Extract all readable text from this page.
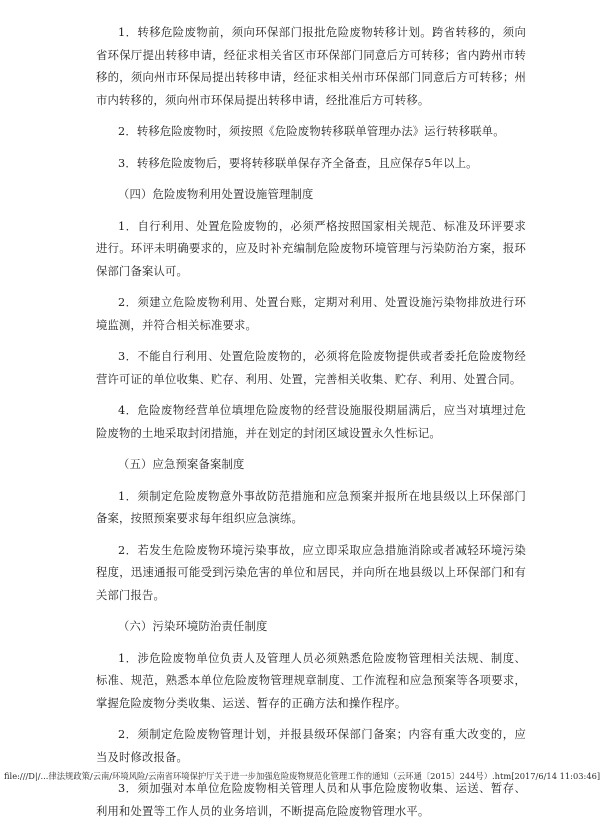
1．转移危险废物前，须向环保部门报批危险废物转移计划。跨省转移的，须向省环保厅提出转移申请，经征求相关省区市环保部门同意后方可转移；省内跨州市转移的，须向州市环保局提出转移申请，经征求相关州市环保部门同意后方可转移；州市内转移的，须向州市环保局提出转移申请，经批准后方可转移。

2．转移危险废物时，须按照《危险废物转移联单管理办法》运行转移联单。

3．转移危险废物后，要将转移联单保存齐全备查，且应保存5年以上。

（四）危险废物利用处置设施管理制度

1．自行利用、处置危险废物的，必须严格按照国家相关规范、标准及环评要求进行。环评未明确要求的，应及时补充编制危险废物环境管理与污染防治方案，报环保部门备案认可。

2．须建立危险废物利用、处置台账，定期对利用、处置设施污染物排放进行环境监测，并符合相关标准要求。

3．不能自行利用、处置危险废物的，必须将危险废物提供或者委托危险废物经营许可证的单位收集、贮存、利用、处置，完善相关收集、贮存、利用、处置合同。

4．危险废物经营单位填埋危险废物的经营设施服役期届满后，应当对填埋过危险废物的土地采取封闭措施，并在划定的封闭区域设置永久性标记。

（五）应急预案备案制度

1．须制定危险废物意外事故防范措施和应急预案并报所在地县级以上环保部门备案，按照预案要求每年组织应急演练。

2．若发生危险废物环境污染事故，应立即采取应急措施消除或者减轻环境污染程度，迅速通报可能受到污染危害的单位和居民，并向所在地县级以上环保部门和有关部门报告。

（六）污染环境防治责任制度

1．涉危险废物单位负责人及管理人员必须熟悉危险废物管理相关法规、制度、标准、规范，熟悉本单位危险废物管理规章制度、工作流程和应急预案等各项要求，掌握危险废物分类收集、运送、暂存的正确方法和操作程序。

2．须制定危险废物管理计划，并报县级环保部门备案；内容有重大改变的，应当及时修改报备。

3．须加强对本单位危险废物相关管理人员和从事危险废物收集、运送、暂存、利用和处置等工作人员的业务培训，不断提高危险废物管理水平。

file:///D|/...律法规政策/云南/环境风险/云南省环境保护厅关于进一步加强危险废物规范化管理工作的通知（云环通〔2015〕244号）.htm[2017/6/14 11:03:46]
